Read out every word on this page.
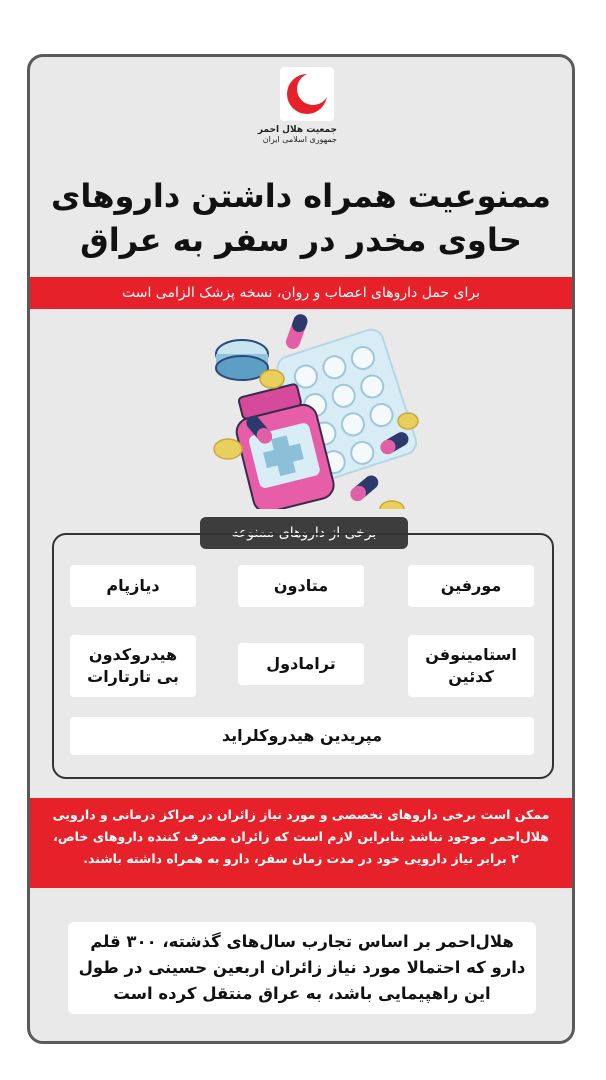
جمعیت هلال احمر
جمهوری اسلامی ایران
ممنوعیت همراه داشتن داروهای
حاوی مخدر در سفر به عراق
برای حمل داروهای اعصاب و روان، نسخه پزشک الزامی است
برخی از داروهای ممنوعه
مورفین
متادون
دیازپام
استامینوفن
کدئین
ترامادول
هیدروکدون
بی تارتارات
مپریدین هیدروکلراید
ممکن است برخی داروهای تخصصی و مورد نیاز زائران در مراکز درمانی و دارویی
هلال‌احمر موجود نباشد بنابراین لازم است که زائران مصرف کننده داروهای خاص،
۲ برابر نیاز دارویی خود در مدت زمان سفر، دارو به همراه داشته باشند.
هلال‌احمر بر اساس تجارب سال‌های گذشته، ۳۰۰ قلم
دارو که احتمالا مورد نیاز زائران اربعین حسینی در طول
این راهپیمایی باشد، به عراق منتقل کرده است
